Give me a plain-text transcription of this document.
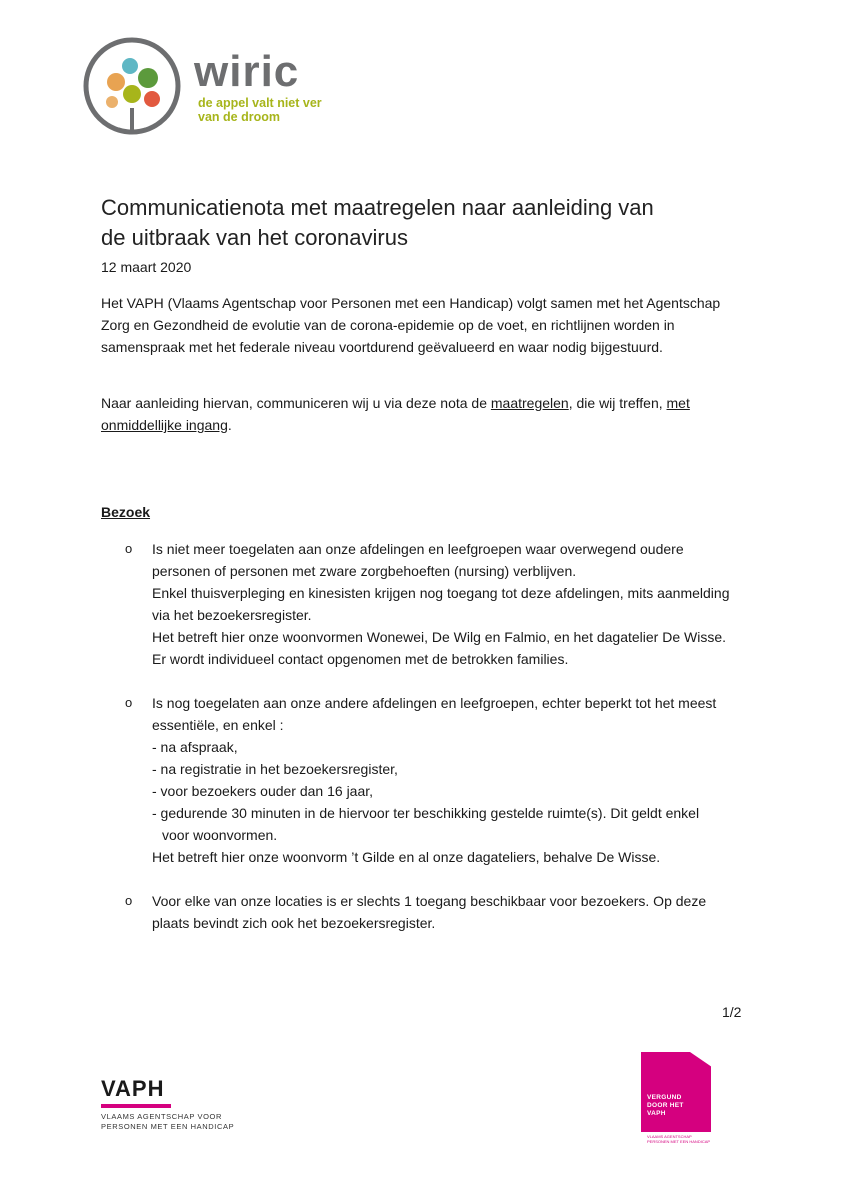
wiric
de appel valt niet ver
van de droom
Communicatienota met maatregelen naar aanleiding van
de uitbraak van het coronavirus
12 maart 2020
Het VAPH (Vlaams Agentschap voor Personen met een Handicap) volgt samen met het Agentschap
Zorg en Gezondheid de evolutie van de corona-epidemie op de voet, en richtlijnen worden in
samenspraak met het federale niveau voortdurend geëvalueerd en waar nodig bijgestuurd.
Naar aanleiding hiervan, communiceren wij u via deze nota de maatregelen, die wij treffen, met
onmiddellijke ingang.
Bezoek
o Is niet meer toegelaten aan onze afdelingen en leefgroepen waar overwegend oudere
personen of personen met zware zorgbehoeften (nursing) verblijven.
Enkel thuisverpleging en kinesisten krijgen nog toegang tot deze afdelingen, mits aanmelding
via het bezoekersregister.
Het betreft hier onze woonvormen Wonewei, De Wilg en Falmio, en het dagatelier De Wisse.
Er wordt individueel contact opgenomen met de betrokken families.
o Is nog toegelaten aan onze andere afdelingen en leefgroepen, echter beperkt tot het meest
essentiële, en enkel :
- na afspraak,
- na registratie in het bezoekersregister,
- voor bezoekers ouder dan 16 jaar,
- gedurende 30 minuten in de hiervoor ter beschikking gestelde ruimte(s). Dit geldt enkel
voor woonvormen.
Het betreft hier onze woonvorm ’t Gilde en al onze dagateliers, behalve De Wisse.
o Voor elke van onze locaties is er slechts 1 toegang beschikbaar voor bezoekers. Op deze
plaats bevindt zich ook het bezoekersregister.
1/2
VAPH
VLAAMS AGENTSCHAP VOOR
PERSONEN MET EEN HANDICAP
VERGUND
DOOR HET
VAPH
VLAAMS AGENTSCHAP
PERSONEN MET EEN HANDICAP
